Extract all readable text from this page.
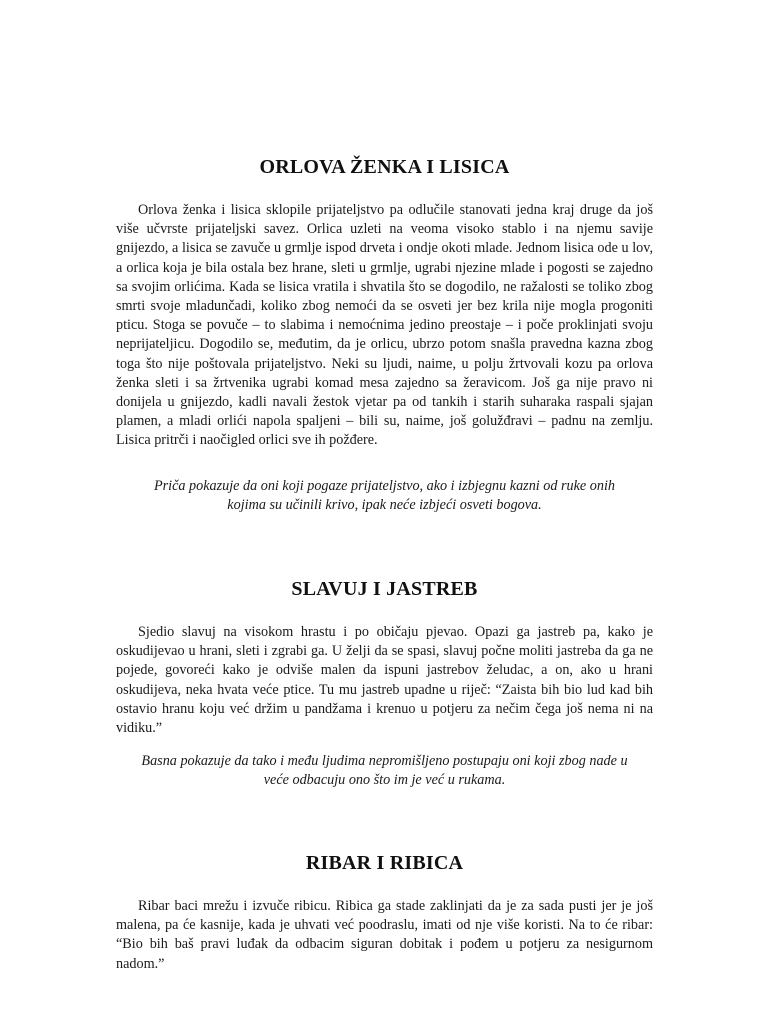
ORLOVA ŽENKA I LISICA

Orlova ženka i lisica sklopile prijateljstvo pa odlučile stanovati jedna kraj druge da još više učvrste prijateljski savez. Orlica uzleti na veoma visoko stablo i na njemu savije gnijezdo, a lisica se zavuče u grmlje ispod drveta i ondje okoti mlade. Jednom lisica ode u lov, a orlica koja je bila ostala bez hrane, sleti u grmlje, ugrabi njezine mlade i pogosti se zajedno sa svojim orlićima. Kada se lisica vratila i shvatila što se dogodilo, ne ražalosti se toliko zbog smrti svoje mladunčadi, koliko zbog nemoći da se osveti jer bez krila nije mogla progoniti pticu. Stoga se povuče – to slabima i nemoćnima jedino preostaje – i poče proklinjati svoju neprijateljicu. Dogodilo se, međutim, da je orlicu, ubrzo potom snašla pravedna kazna zbog toga što nije poštovala prijateljstvo. Neki su ljudi, naime, u polju žrtvovali kozu pa orlova ženka sleti i sa žrtvenika ugrabi komad mesa zajedno sa žeravicom. Još ga nije pravo ni donijela u gnijezdo, kadli navali žestok vjetar pa od tankih i starih suharaka raspali sjajan plamen, a mladi orlići napola spaljeni – bili su, naime, još golužđravi – padnu na zemlju. Lisica pritrči i naočigled orlici sve ih požđere.

Priča pokazuje da oni koji pogaze prijateljstvo, ako i izbjegnu kazni od ruke onih kojima su učinili krivo, ipak neće izbjeći osveti bogova.

SLAVUJ I JASTREB

Sjedio slavuj na visokom hrastu i po običaju pjevao. Opazi ga jastreb pa, kako je oskudijevao u hrani, sleti i zgrabi ga. U želji da se spasi, slavuj počne moliti jastreba da ga ne pojede, govoreći kako je odviše malen da ispuni jastrebov želudac, a on, ako u hrani oskudijeva, neka hvata veće ptice. Tu mu jastreb upadne u riječ: “Zaista bih bio lud kad bih ostavio hranu koju već držim u pandžama i krenuo u potjeru za nečim čega još nema ni na vidiku.”

Basna pokazuje da tako i među ljudima nepromišljeno postupaju oni koji zbog nade u veće odbacuju ono što im je već u rukama.

RIBAR I RIBICA

Ribar baci mrežu i izvuče ribicu. Ribica ga stade zaklinjati da je za sada pusti jer je još malena, pa će kasnije, kada je uhvati već poodraslu, imati od nje više koristi. Na to će ribar: “Bio bih baš pravi luđak da odbacim siguran dobitak i pođem u potjeru za nesigurnom nadom.”
